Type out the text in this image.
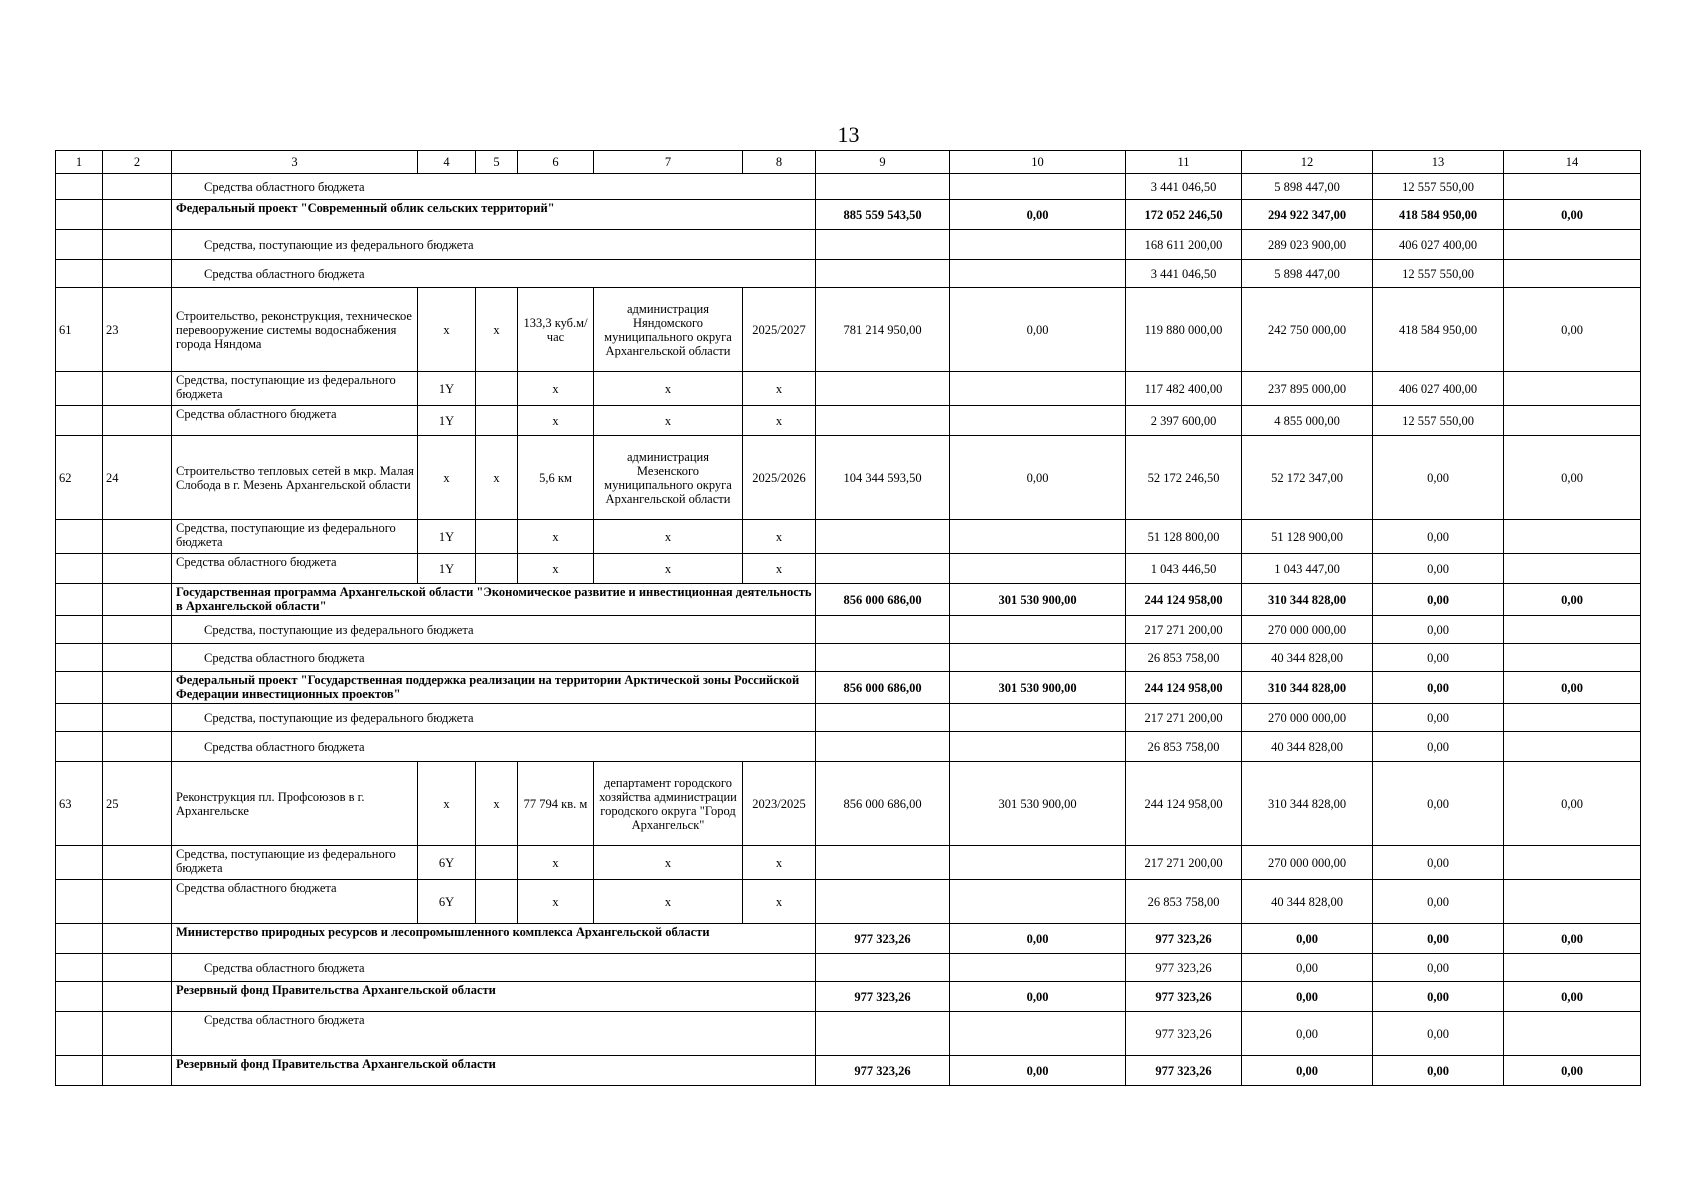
13
1	2	3	4	5	6	7	8	9	10	11	12	13	14
		Средства областного бюджета								3 441 046,50	5 898 447,00	12 557 550,00	
		Федеральный проект "Современный облик сельских территорий"						885 559 543,50	0,00	172 052 246,50	294 922 347,00	418 584 950,00	0,00
		Средства, поступающие из федерального бюджета								168 611 200,00	289 023 900,00	406 027 400,00	
		Средства областного бюджета								3 441 046,50	5 898 447,00	12 557 550,00	
61	23	Строительство, реконструкция, техническое перевооружение системы водоснабжения города Няндома	x	x	133,3 куб.м/час	администрация Няндомского муниципального округа Архангельской области	2025/2027	781 214 950,00	0,00	119 880 000,00	242 750 000,00	418 584 950,00	0,00
		Средства, поступающие из федерального бюджета	1Y		x	x	x			117 482 400,00	237 895 000,00	406 027 400,00	
		Средства областного бюджета	1Y		x	x	x			2 397 600,00	4 855 000,00	12 557 550,00	
62	24	Строительство тепловых сетей в мкр. Малая Слобода в г. Мезень Архангельской области	x	x	5,6 км	администрация Мезенского муниципального округа Архангельской области	2025/2026	104 344 593,50	0,00	52 172 246,50	52 172 347,00	0,00	0,00
		Средства, поступающие из федерального бюджета	1Y		x	x	x			51 128 800,00	51 128 900,00	0,00	
		Средства областного бюджета	1Y		x	x	x			1 043 446,50	1 043 447,00	0,00	
		Государственная программа Архангельской области "Экономическое развитие и инвестиционная деятельность в Архангельской области"						856 000 686,00	301 530 900,00	244 124 958,00	310 344 828,00	0,00	0,00
		Средства, поступающие из федерального бюджета								217 271 200,00	270 000 000,00	0,00	
		Средства областного бюджета								26 853 758,00	40 344 828,00	0,00	
		Федеральный проект "Государственная поддержка реализации на территории Арктической зоны Российской Федерации инвестиционных проектов"						856 000 686,00	301 530 900,00	244 124 958,00	310 344 828,00	0,00	0,00
		Средства, поступающие из федерального бюджета								217 271 200,00	270 000 000,00	0,00	
		Средства областного бюджета								26 853 758,00	40 344 828,00	0,00	
63	25	Реконструкция пл. Профсоюзов в г. Архангельске	x	x	77 794 кв. м	департамент городского хозяйства администрации городского округа "Город Архангельск"	2023/2025	856 000 686,00	301 530 900,00	244 124 958,00	310 344 828,00	0,00	0,00
		Средства, поступающие из федерального бюджета	6Y		x	x	x			217 271 200,00	270 000 000,00	0,00	
		Средства областного бюджета	6Y		x	x	x			26 853 758,00	40 344 828,00	0,00	
		Министерство природных ресурсов и лесопромышленного комплекса Архангельской области						977 323,26	0,00	977 323,26	0,00	0,00	0,00
		Средства областного бюджета								977 323,26	0,00	0,00	
		Резервный фонд Правительства Архангельской области						977 323,26	0,00	977 323,26	0,00	0,00	0,00
		Средства областного бюджета								977 323,26	0,00	0,00	
		Резервный фонд Правительства Архангельской области						977 323,26	0,00	977 323,26	0,00	0,00	0,00
